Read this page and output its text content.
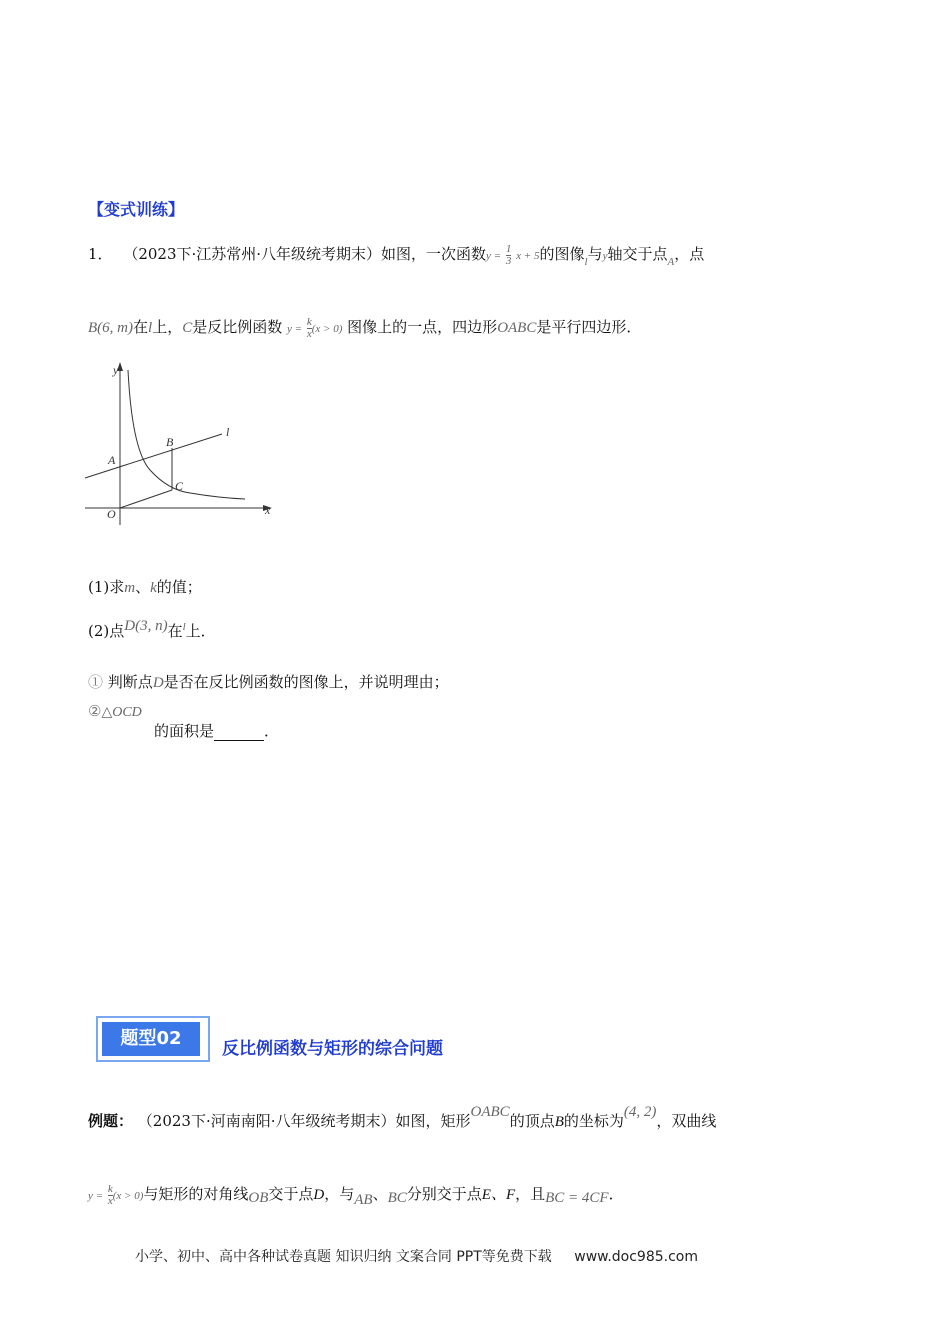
【变式训练】
1． （2023下·江苏常州·八年级统考期末）如图，一次函数$y = \frac{1}{3}$ x + 5的图像$_l$与y轴交于点$_A$，点
B(6, m)在l上，C是反比例函数 $y = \frac{k}{x} (x > 0)$ 图像上的一点，四边形OABC是平行四边形．
y
x
O
A
B
C
l
(1)求m、k的值；
(2)点D(3, n)在$^l$上．
① 判断点D是否在反比例函数的图像上，并说明理由；
②△OCD
的面积是	．
题型02	反比例函数与矩形的综合问题
例题： （2023下·河南南阳·八年级统考期末）如图，矩形OABC的顶点B的坐标为(4, 2)，双曲线
$y = \frac{k}{x} (x > 0)$与矩形的对角线OB交于点D，与AB、BC分别交于点E、F，且BC = 4CF．
小学、初中、高中各种试卷真题 知识归纳 文案合同 PPT等免费下载 www.doc985.com
